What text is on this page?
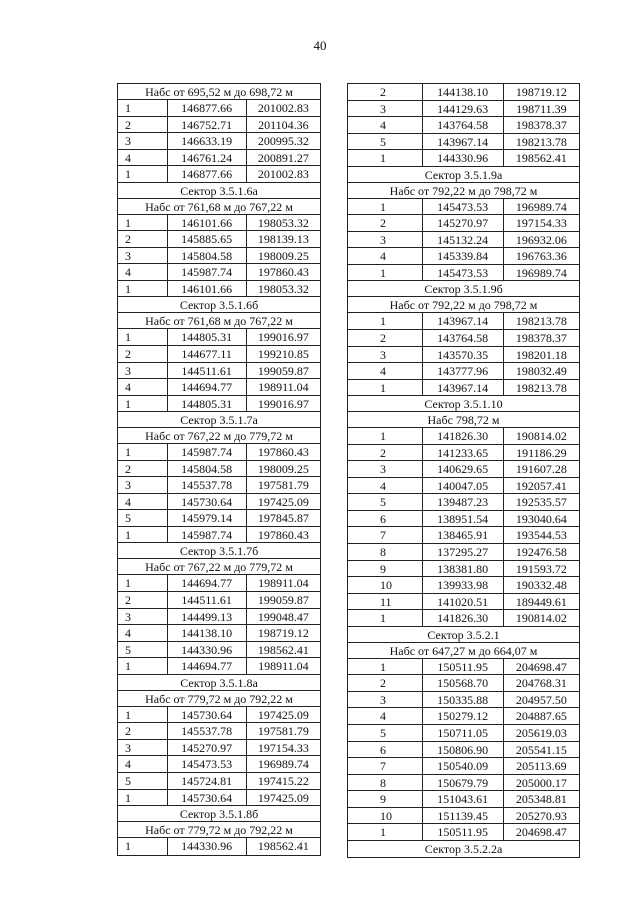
40
Набс от 695,52 м до 698,72 м
1	146877.66	201002.83
2	146752.71	201104.36
3	146633.19	200995.32
4	146761.24	200891.27
1	146877.66	201002.83
Сектор 3.5.1.6а
Набс от 761,68 м до 767,22 м
1	146101.66	198053.32
2	145885.65	198139.13
3	145804.58	198009.25
4	145987.74	197860.43
1	146101.66	198053.32
Сектор 3.5.1.6б
Набс от 761,68 м до 767,22 м
1	144805.31	199016.97
2	144677.11	199210.85
3	144511.61	199059.87
4	144694.77	198911.04
1	144805.31	199016.97
Сектор 3.5.1.7а
Набс от 767,22 м до 779,72 м
1	145987.74	197860.43
2	145804.58	198009.25
3	145537.78	197581.79
4	145730.64	197425.09
5	145979.14	197845.87
1	145987.74	197860.43
Сектор 3.5.1.7б
Набс от 767,22 м до 779,72 м
1	144694.77	198911.04
2	144511.61	199059.87
3	144499.13	199048.47
4	144138.10	198719.12
5	144330.96	198562.41
1	144694.77	198911.04
Сектор 3.5.1.8а
Набс от 779,72 м до 792,22 м
1	145730.64	197425.09
2	145537.78	197581.79
3	145270.97	197154.33
4	145473.53	196989.74
5	145724.81	197415.22
1	145730.64	197425.09
Сектор 3.5.1.8б
Набс от 779,72 м до 792,22 м
1	144330.96	198562.41
2	144138.10	198719.12
3	144129.63	198711.39
4	143764.58	198378.37
5	143967.14	198213.78
1	144330.96	198562.41
Сектор 3.5.1.9а
Набс от 792,22 м до 798,72 м
1	145473.53	196989.74
2	145270.97	197154.33
3	145132.24	196932.06
4	145339.84	196763.36
1	145473.53	196989.74
Сектор 3.5.1.9б
Набс от 792,22 м до 798,72 м
1	143967.14	198213.78
2	143764.58	198378.37
3	143570.35	198201.18
4	143777.96	198032.49
1	143967.14	198213.78
Сектор 3.5.1.10
Набс 798,72 м
1	141826.30	190814.02
2	141233.65	191186.29
3	140629.65	191607.28
4	140047.05	192057.41
5	139487.23	192535.57
6	138951.54	193040.64
7	138465.91	193544.53
8	137295.27	192476.58
9	138381.80	191593.72
10	139933.98	190332.48
11	141020.51	189449.61
1	141826.30	190814.02
Сектор 3.5.2.1
Набс от 647,27 м до 664,07 м
1	150511.95	204698.47
2	150568.70	204768.31
3	150335.88	204957.50
4	150279.12	204887.65
5	150711.05	205619.03
6	150806.90	205541.15
7	150540.09	205113.69
8	150679.79	205000.17
9	151043.61	205348.81
10	151139.45	205270.93
1	150511.95	204698.47
Сектор 3.5.2.2а
